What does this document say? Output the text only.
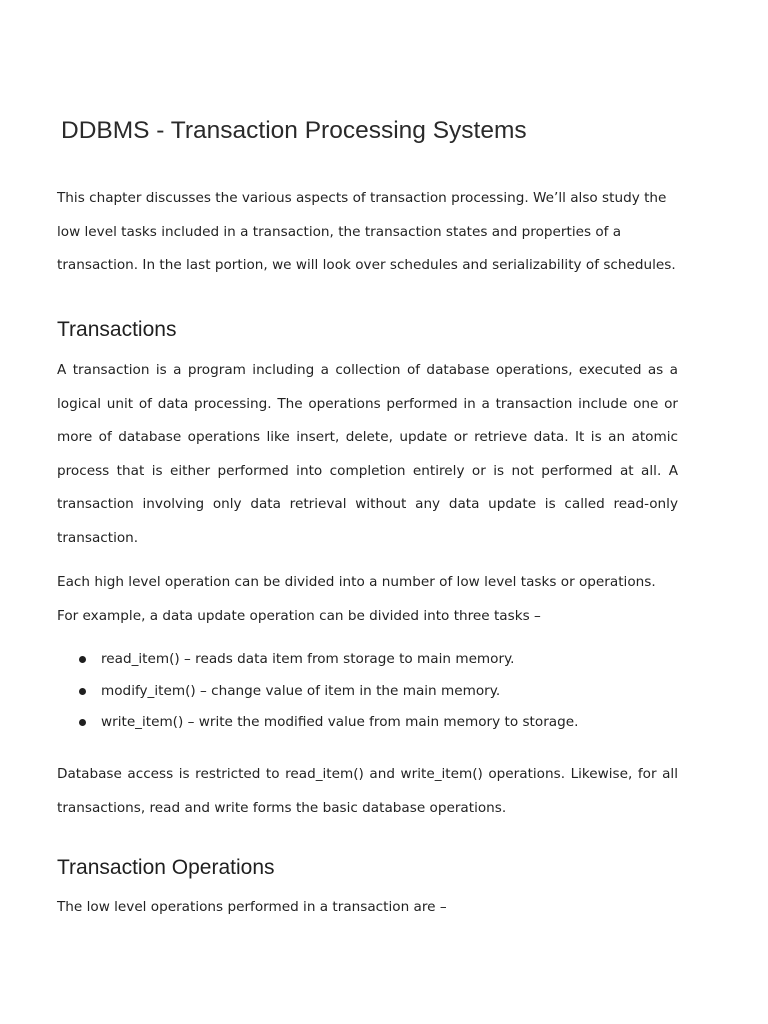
DDBMS - Transaction Processing Systems

This chapter discusses the various aspects of transaction processing. We’ll also study the low level tasks included in a transaction, the transaction states and properties of a transaction. In the last portion, we will look over schedules and serializability of schedules.

Transactions

A transaction is a program including a collection of database operations, executed as a logical unit of data processing. The operations performed in a transaction include one or more of database operations like insert, delete, update or retrieve data. It is an atomic process that is either performed into completion entirely or is not performed at all. A transaction involving only data retrieval without any data update is called read-only transaction.

Each high level operation can be divided into a number of low level tasks or operations. For example, a data update operation can be divided into three tasks –

read_item() – reads data item from storage to main memory.
modify_item() – change value of item in the main memory.
write_item() – write the modified value from main memory to storage.

Database access is restricted to read_item() and write_item() operations. Likewise, for all transactions, read and write forms the basic database operations.

Transaction Operations

The low level operations performed in a transaction are –
